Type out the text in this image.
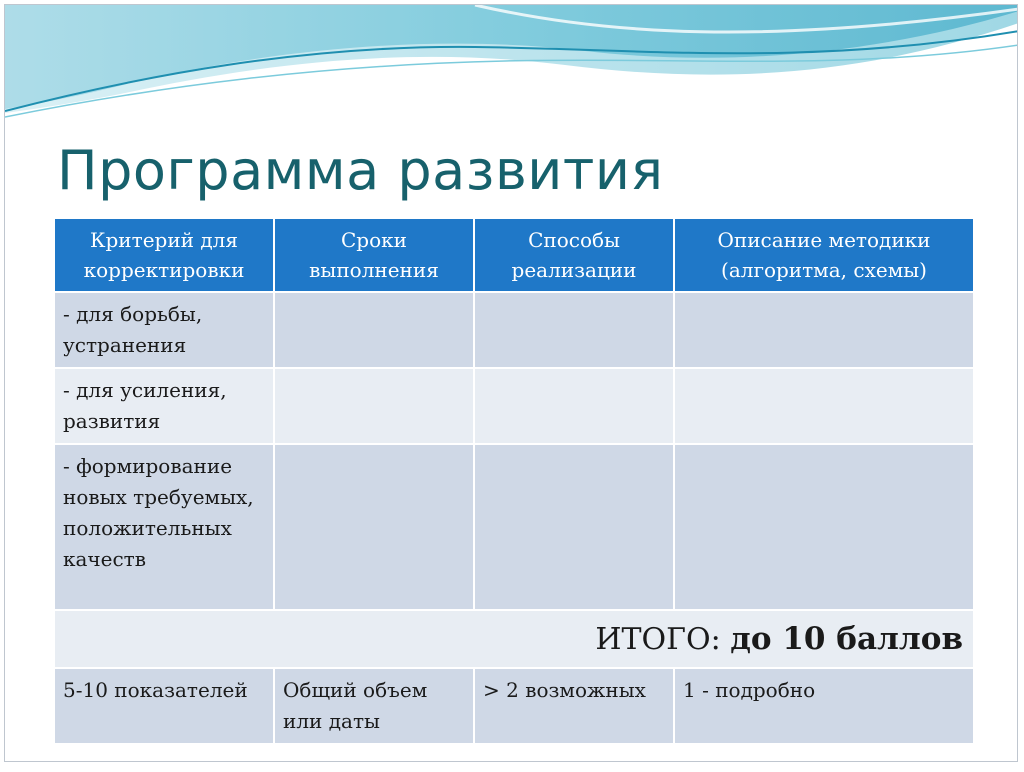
Программа развития
Критерий для корректировки	Сроки выполнения	Способы реализации	Описание методики (алгоритма, схемы)
- для борьбы, устранения			
- для усиления, развития			
- формирование новых требуемых, положительных качеств			
ИТОГО: до 10 баллов			
5-10 показателей	Общий объем или даты	> 2 возможных	1 - подробно
